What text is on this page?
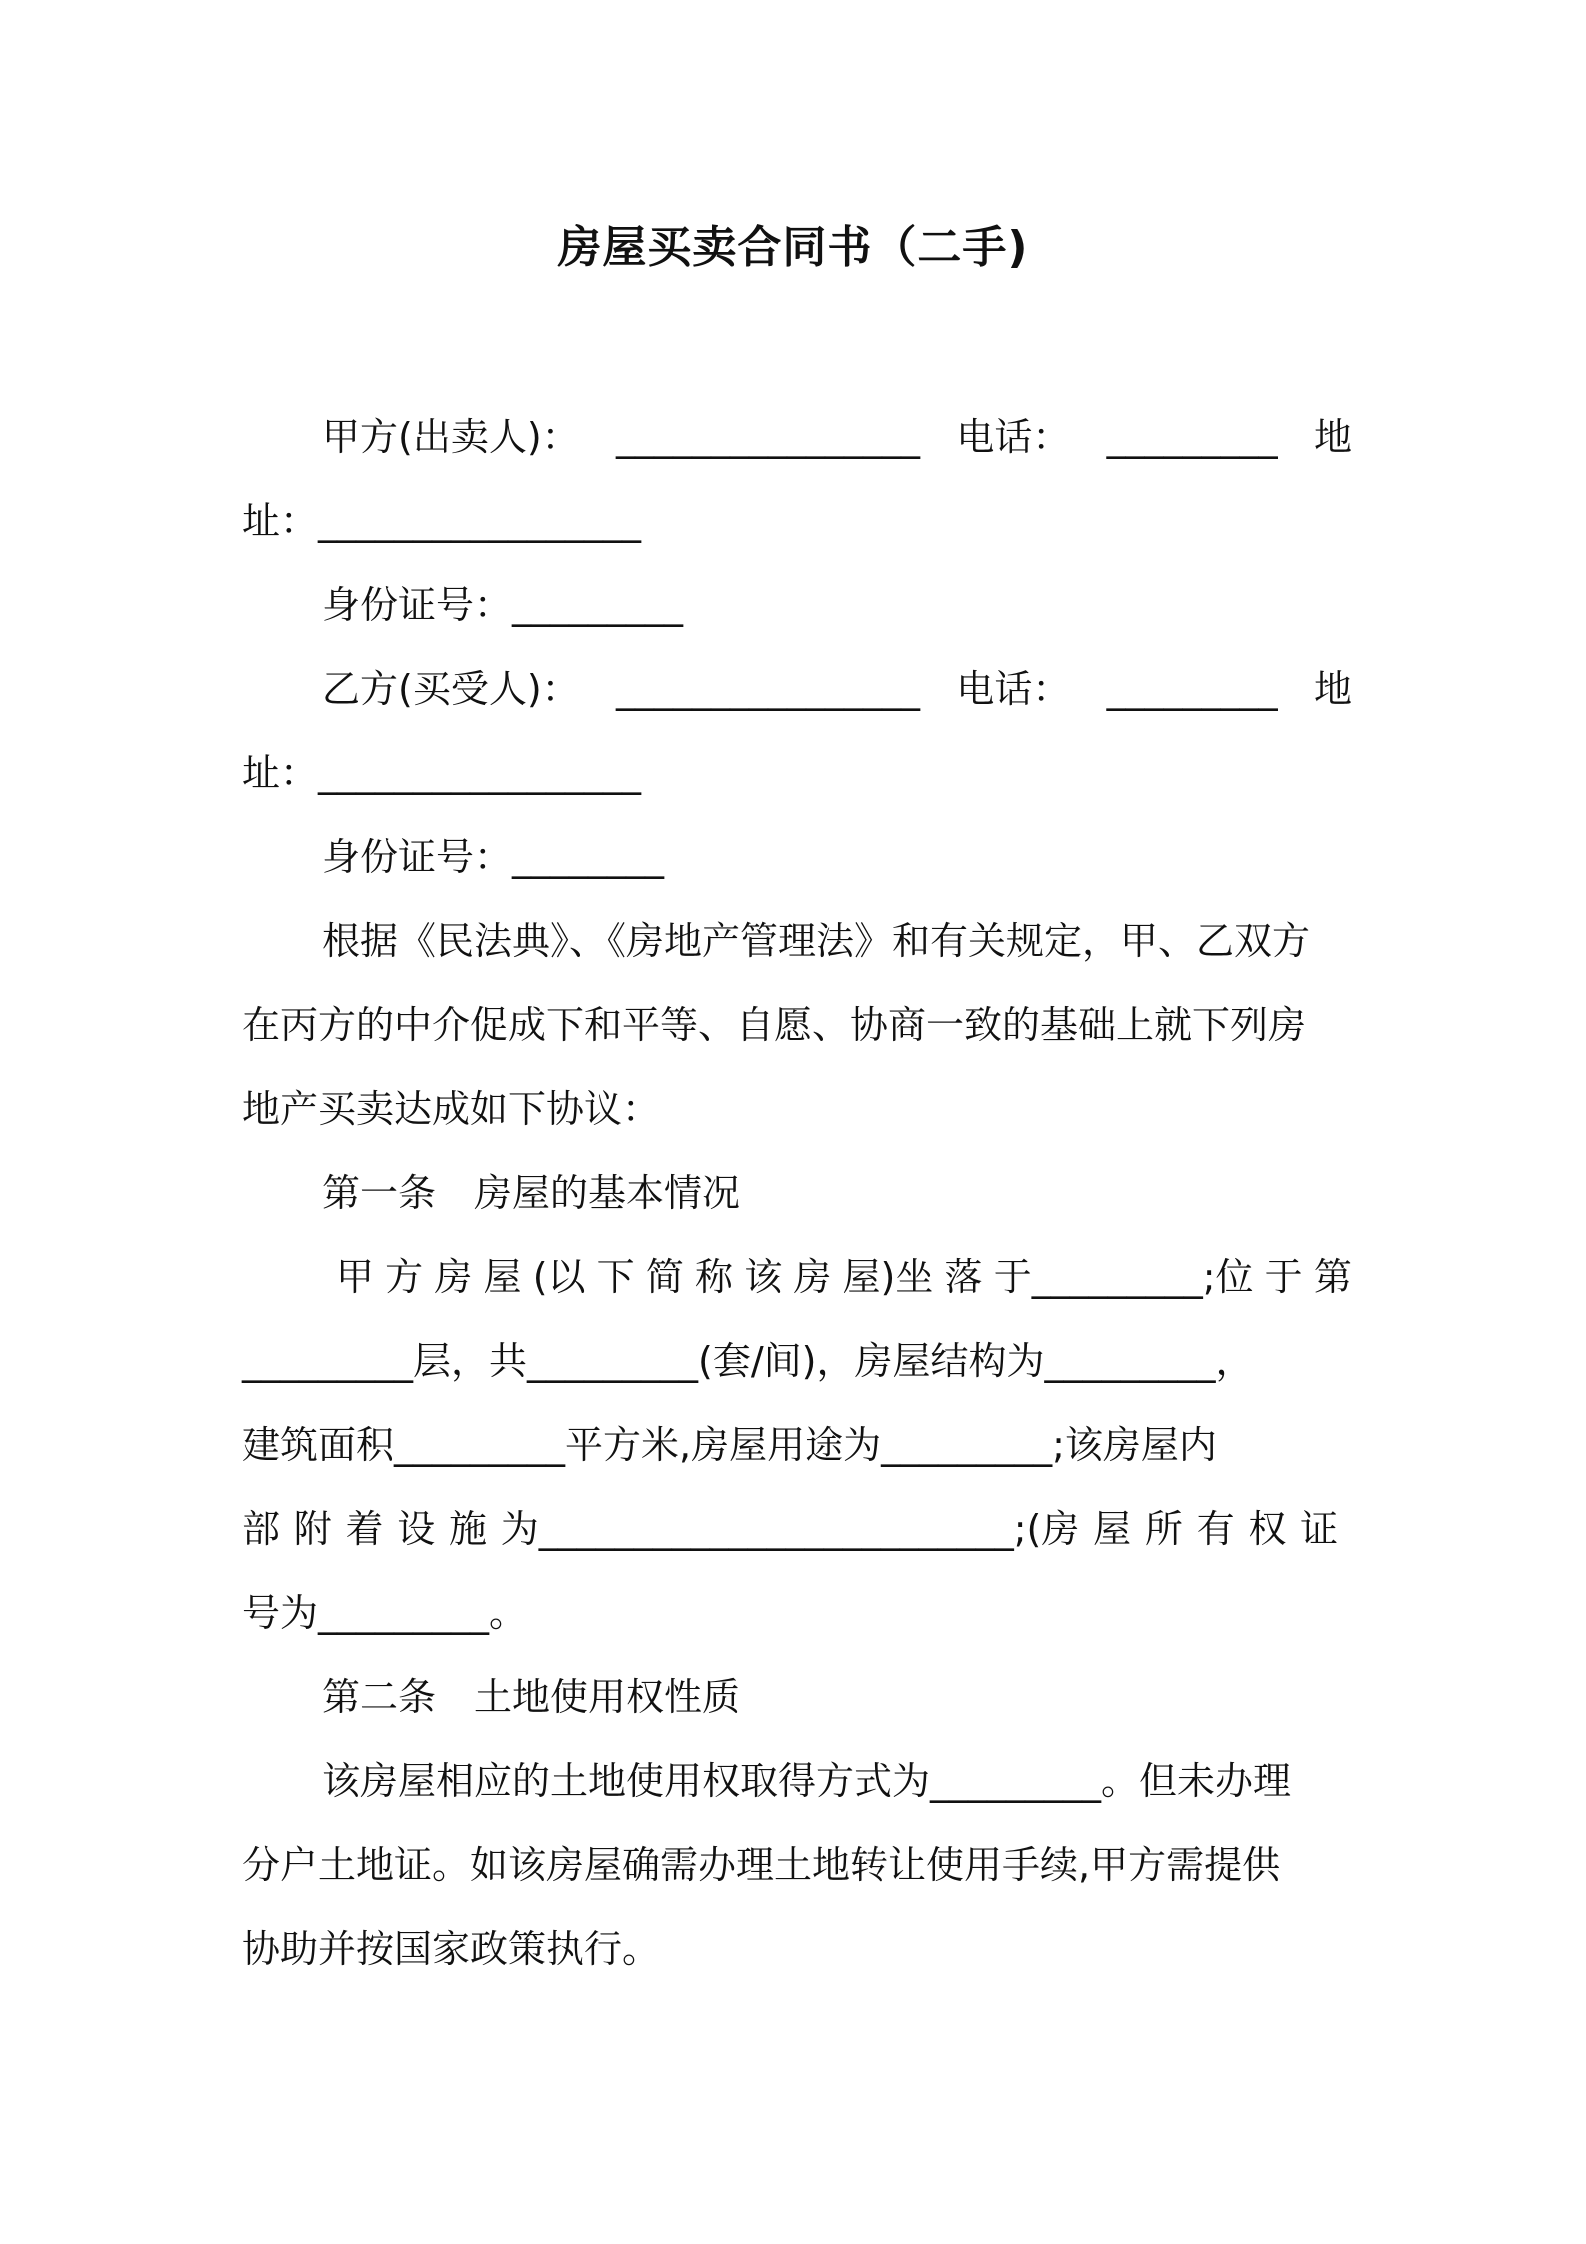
房屋买卖合同书（二手)
甲方(出卖人)： ________________ 电话： _________ 地
址：_________________
身份证号：_________
乙方(买受人)： ________________ 电话： _________ 地
址：_________________
身份证号：________
根据《民法典》、《房地产管理法》和有关规定，甲、乙双方
在丙方的中介促成下和平等、自愿、协商一致的基础上就下列房
地产买卖达成如下协议：
第一条　房屋的基本情况
甲 方 房 屋 (以 下 简 称 该 房 屋)坐 落 于_________;位 于 第
_________层，共_________(套/间)，房屋结构为_________，
建筑面积_________平方米,房屋用途为_________;该房屋内
部 附 着 设 施 为_________________________;(房 屋 所 有 权 证
号为_________。
第二条　土地使用权性质
该房屋相应的土地使用权取得方式为_________。但未办理
分户土地证。如该房屋确需办理土地转让使用手续,甲方需提供
协助并按国家政策执行。
